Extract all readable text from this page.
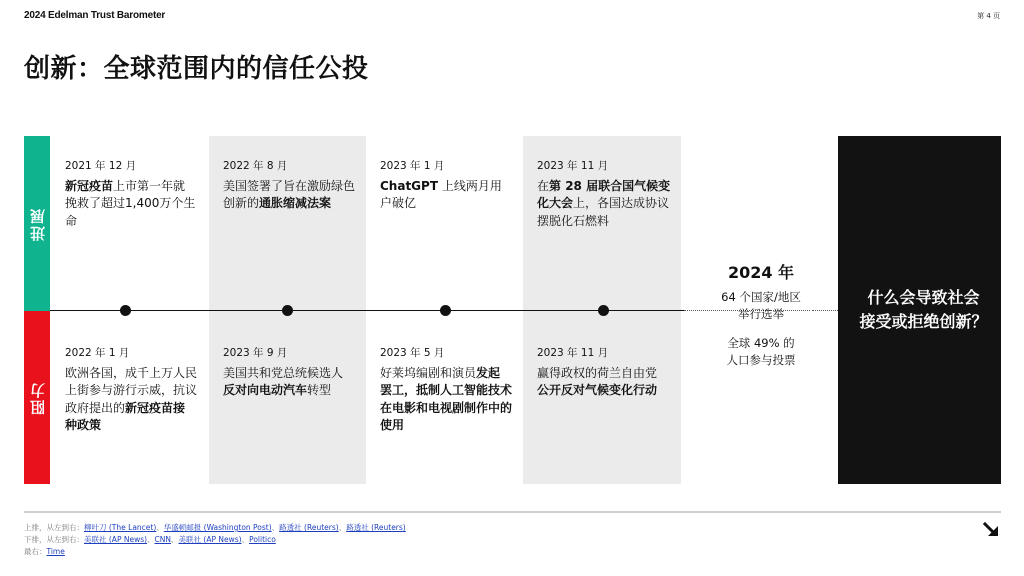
2024 Edelman Trust Barometer	第 4 页
创新：全球范围内的信任公投
进展
阻力
2021 年 12 月
新冠疫苗上市第一年就挽救了超过1,400万个生命
2022 年 8 月
美国签署了旨在激励绿色创新的通胀缩减法案
2023 年 1 月
ChatGPT 上线两月用户破亿
2023 年 11 月
在第 28 届联合国气候变化大会上，各国达成协议摆脱化石燃料
2022 年 1 月
欧洲各国，成千上万人民上街参与游行示威，抗议政府提出的新冠疫苗接种政策
2023 年 9 月
美国共和党总统候选人反对向电动汽车转型
2023 年 5 月
好莱坞编剧和演员发起罢工，抵制人工智能技术在电影和电视剧制作中的使用
2023 年 11 月
赢得政权的荷兰自由党公开反对气候变化行动
2024 年
64 个国家/地区
举行选举
全球 49% 的
人口参与投票
什么会导致社会
接受或拒绝创新？
上排，从左到右：柳叶刀 (The Lancet)、华盛顿邮报 (Washington Post)、路透社 (Reuters)、路透社 (Reuters)
下排，从左到右：美联社 (AP News)、CNN、美联社 (AP News)、Politico
最右：Time
